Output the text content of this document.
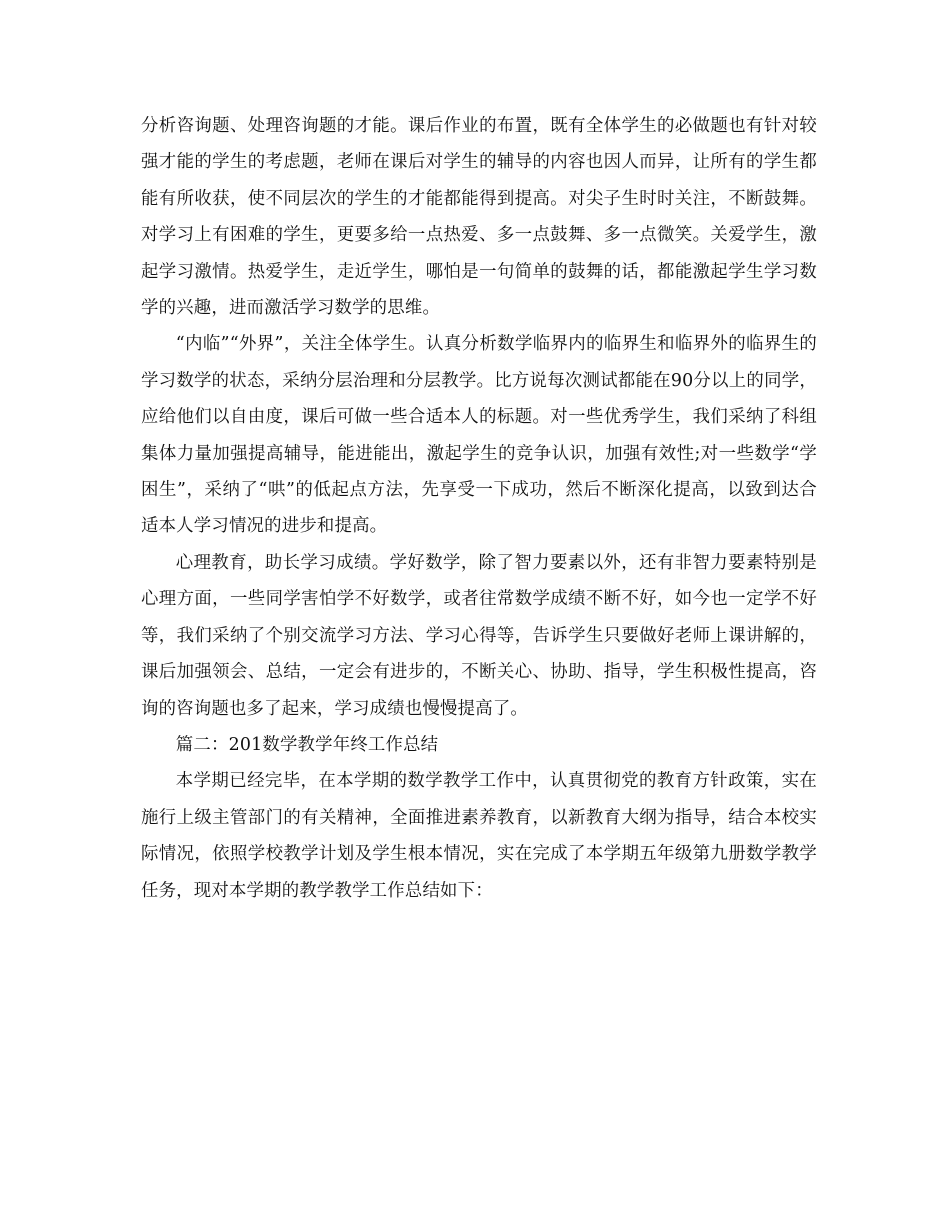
分析咨询题、处理咨询题的才能。课后作业的布置，既有全体学生的必做题也有针对较强才能的学生的考虑题，老师在课后对学生的辅导的内容也因人而异，让所有的学生都能有所收获，使不同层次的学生的才能都能得到提高。对尖子生时时关注，不断鼓舞。对学习上有困难的学生，更要多给一点热爱、多一点鼓舞、多一点微笑。关爱学生，激起学习激情。热爱学生，走近学生，哪怕是一句简单的鼓舞的话，都能激起学生学习数学的兴趣，进而激活学习数学的思维。

“内临”“外界”，关注全体学生。认真分析数学临界内的临界生和临界外的临界生的学习数学的状态，采纳分层治理和分层教学。比方说每次测试都能在90分以上的同学，应给他们以自由度，课后可做一些合适本人的标题。对一些优秀学生，我们采纳了科组集体力量加强提高辅导，能进能出，激起学生的竞争认识，加强有效性;对一些数学“学困生”，采纳了“哄”的低起点方法，先享受一下成功，然后不断深化提高，以致到达合适本人学习情况的进步和提高。

心理教育，助长学习成绩。学好数学，除了智力要素以外，还有非智力要素特别是心理方面，一些同学害怕学不好数学，或者往常数学成绩不断不好，如今也一定学不好等，我们采纳了个别交流学习方法、学习心得等，告诉学生只要做好老师上课讲解的，课后加强领会、总结，一定会有进步的，不断关心、协助、指导，学生积极性提高，咨询的咨询题也多了起来，学习成绩也慢慢提高了。

篇二：201数学教学年终工作总结

本学期已经完毕，在本学期的数学教学工作中，认真贯彻党的教育方针政策，实在施行上级主管部门的有关精神，全面推进素养教育，以新教育大纲为指导，结合本校实际情况，依照学校教学计划及学生根本情况，实在完成了本学期五年级第九册数学教学任务，现对本学期的教学教学工作总结如下：
